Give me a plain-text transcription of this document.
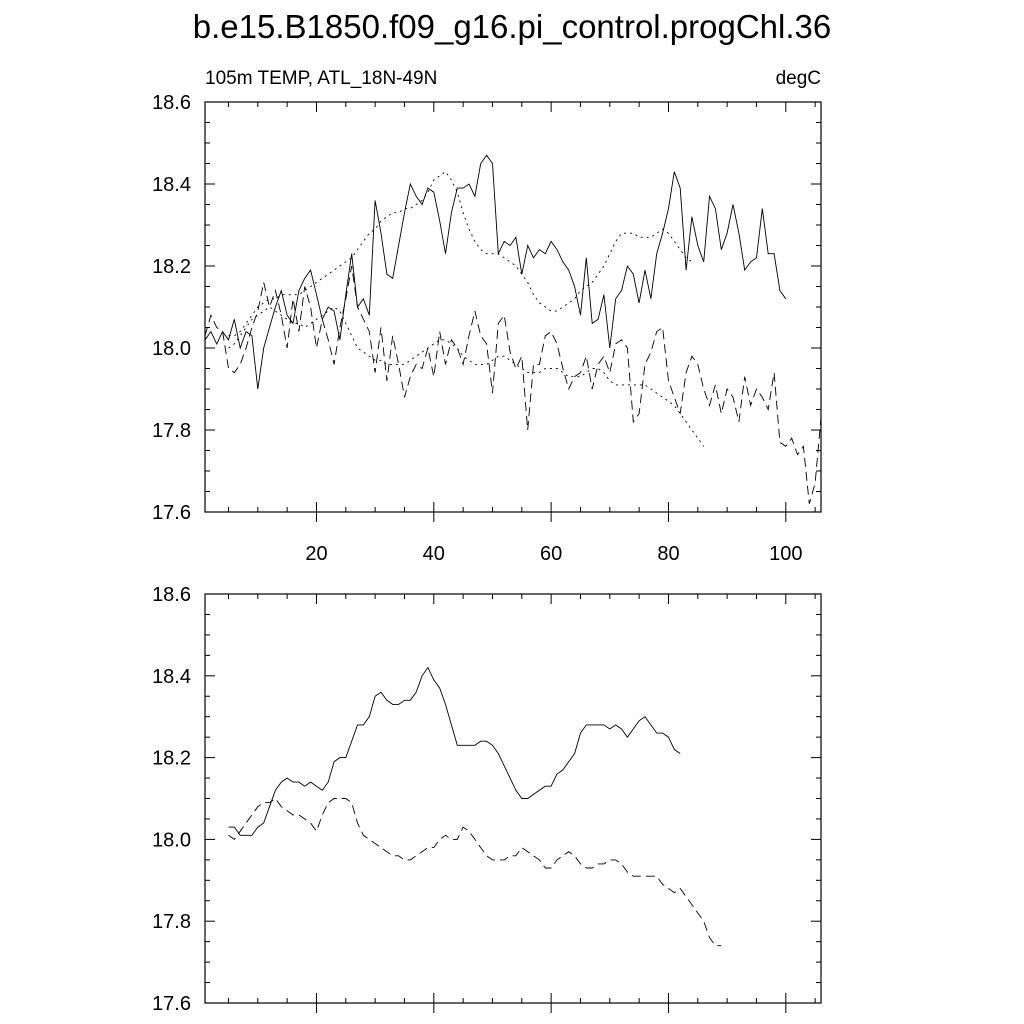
b.e15.B1850.f09_g16.pi_control.progChl.36
105m TEMP, ATL_18N-49N	degC
17.6
17.8
18.0
18.2
18.4
18.6
20	40	60	80	100
17.6
17.8
18.0
18.2
18.4
18.6
